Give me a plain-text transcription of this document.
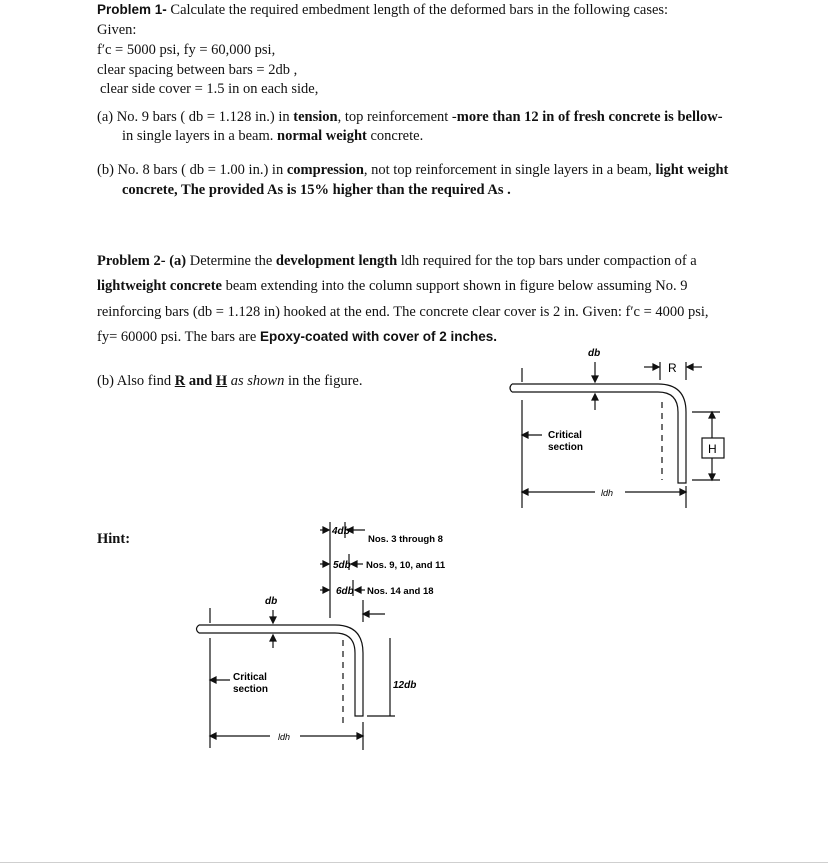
Problem 1- Calculate the required embedment length of the deformed bars in the following cases:
Given:
f′c = 5000 psi, fy = 60,000 psi,
clear spacing between bars = 2db ,
clear side cover = 1.5 in on each side,
(a) No. 9 bars ( db = 1.128 in.) in tension, top reinforcement -more than 12 in of fresh concrete is bellow-
in single layers in a beam. normal weight concrete.
(b) No. 8 bars ( db = 1.00 in.) in compression, not top reinforcement in single layers in a beam, light weight
concrete, The provided As is 15% higher than the required As .
Problem 2- (a) Determine the development length ldh required for the top bars under compaction of a
lightweight concrete beam extending into the column support shown in figure below assuming No. 9
reinforcing bars (db = 1.128 in) hooked at the end. The concrete clear cover is 2 in. Given: f′c = 4000 psi,
fy= 60000 psi. The bars are Epoxy-coated with cover of 2 inches.
(b) Also find R and H as shown in the figure.
db
R
H
Critical
section
ldh
Hint:	4db
5db
6db
Nos. 3 through 8
Nos. 9, 10, and 11
Nos. 14 and 18
db
Critical
section	12db
ldh
